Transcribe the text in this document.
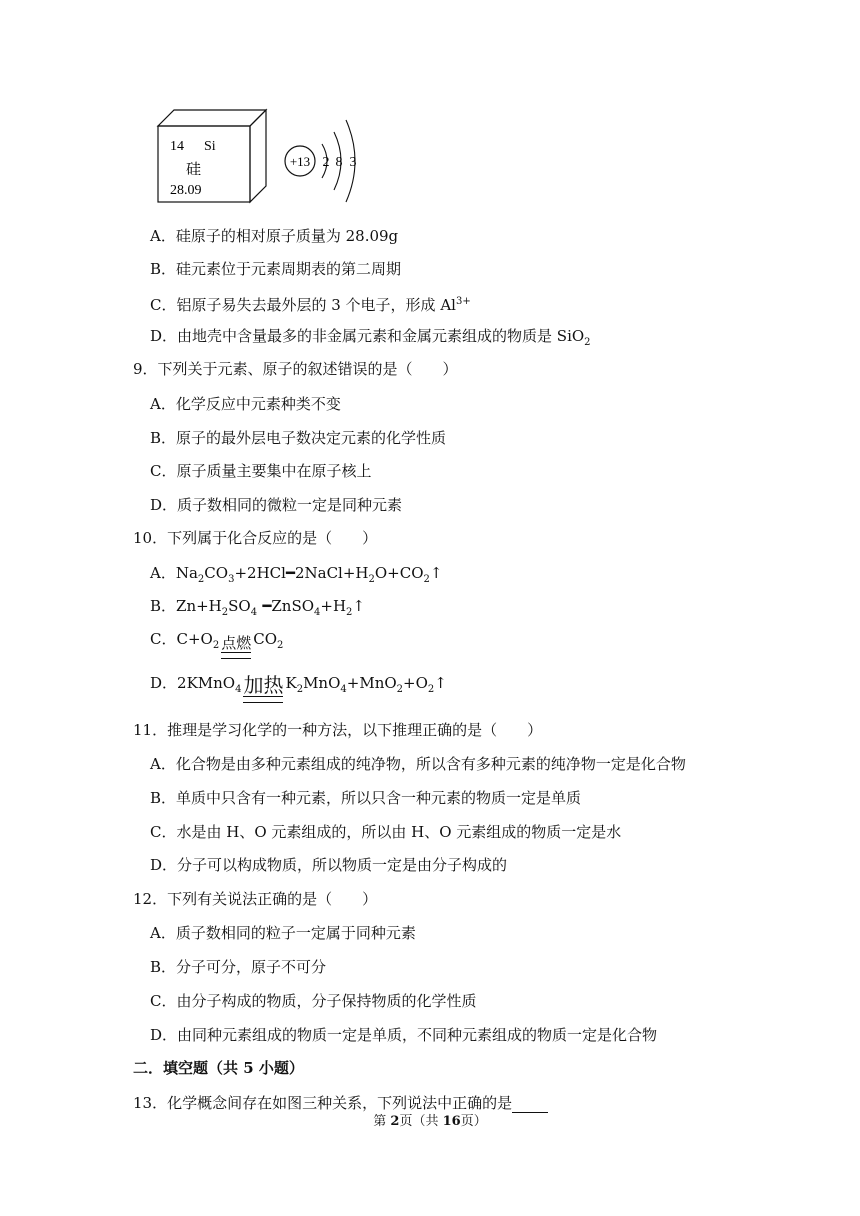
14 Si
硅
28.09
+13 2 8 3
A．硅原子的相对原子质量为 28.09g
B．硅元素位于元素周期表的第二周期
C．铝原子易失去最外层的 3 个电子，形成 $Al^{3+}$
D．由地壳中含量最多的非金属元素和金属元素组成的物质是 SiO$_2$
9．下列关于元素、原子的叙述错误的是（　　）
A．化学反应中元素种类不变
B．原子的最外层电子数决定元素的化学性质
C．原子质量主要集中在原子核上
D．质子数相同的微粒一定是同种元素
10．下列属于化合反应的是（　　）
A．$Na_2CO_3+2HCl━2NaCl+H_2O+CO_2↑$
B．$Zn+H_2SO_4$ $━ZnSO_4+H_2↑$
C．$C+O_2$ 点燃 $CO_2$
D．2KMnO$_4$ 加热 $K_2MnO_4+MnO_2+O_2↑$
11．推理是学习化学的一种方法，以下推理正确的是（　　）
A．化合物是由多种元素组成的纯净物，所以含有多种元素的纯净物一定是化合物
B．单质中只含有一种元素，所以只含一种元素的物质一定是单质
C．水是由 H、O 元素组成的，所以由 H、O 元素组成的物质一定是水
D．分子可以构成物质，所以物质一定是由分子构成的
12．下列有关说法正确的是（　　）
A．质子数相同的粒子一定属于同种元素
B．分子可分，原子不可分
C．由分子构成的物质，分子保持物质的化学性质
D．由同种元素组成的物质一定是单质，不同种元素组成的物质一定是化合物
二．填空题（共 5 小题）
13．化学概念间存在如图三种关系，下列说法中正确的是
第 2页（共 16页）
